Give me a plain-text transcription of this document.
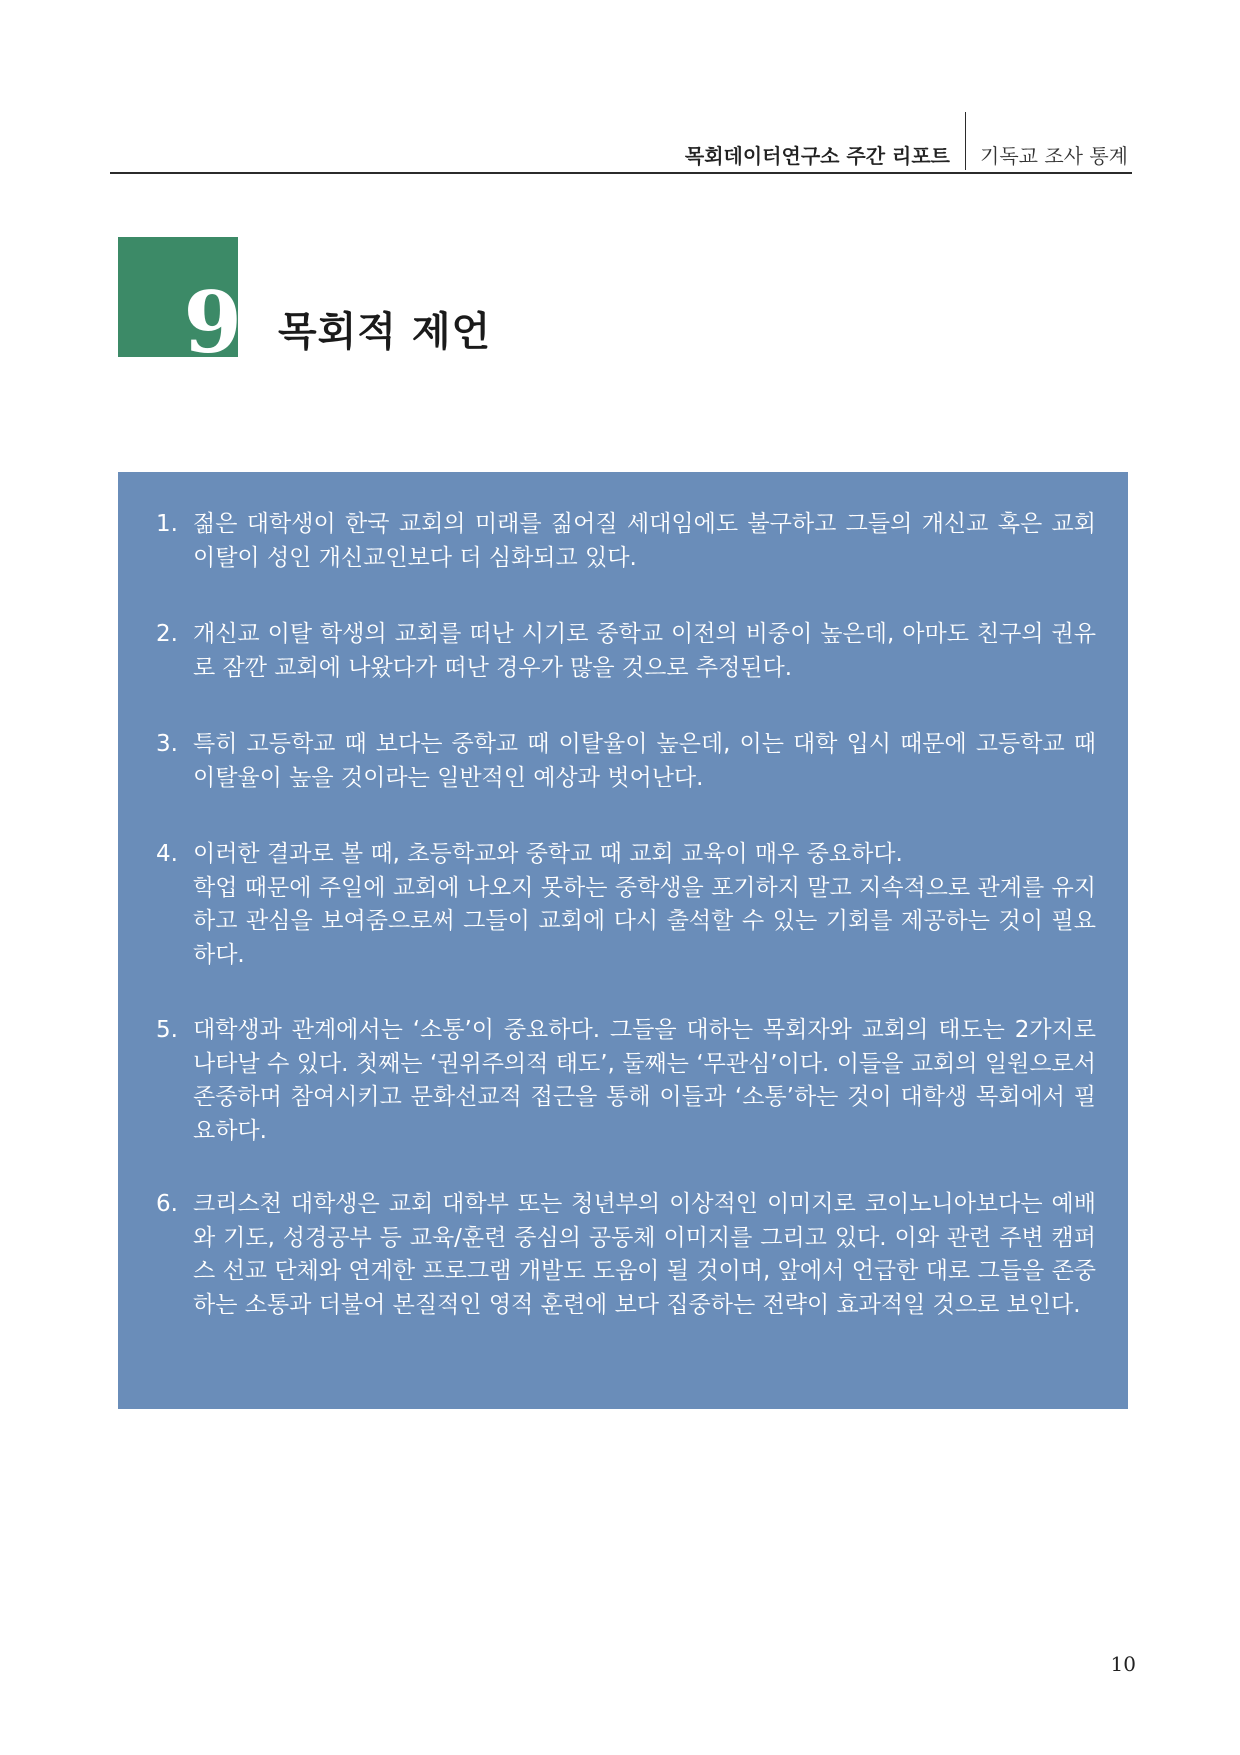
목회데이터연구소 주간 리포트 기독교 조사 통계
9 목회적 제언
1. 젊은 대학생이 한국 교회의 미래를 짊어질 세대임에도 불구하고 그들의 개신교 혹은 교회 이탈이 성인 개신교인보다 더 심화되고 있다.
2. 개신교 이탈 학생의 교회를 떠난 시기로 중학교 이전의 비중이 높은데, 아마도 친구의 권유로 잠깐 교회에 나왔다가 떠난 경우가 많을 것으로 추정된다.
3. 특히 고등학교 때 보다는 중학교 때 이탈율이 높은데, 이는 대학 입시 때문에 고등학교 때 이탈율이 높을 것이라는 일반적인 예상과 벗어난다.
4. 이러한 결과로 볼 때, 초등학교와 중학교 때 교회 교육이 매우 중요하다.
학업 때문에 주일에 교회에 나오지 못하는 중학생을 포기하지 말고 지속적으로 관계를 유지하고 관심을 보여줌으로써 그들이 교회에 다시 출석할 수 있는 기회를 제공하는 것이 필요하다.
5. 대학생과 관계에서는 ‘소통’이 중요하다. 그들을 대하는 목회자와 교회의 태도는 2가지로 나타날 수 있다. 첫째는 ‘권위주의적 태도’, 둘째는 ‘무관심’이다. 이들을 교회의 일원으로서 존중하며 참여시키고 문화선교적 접근을 통해 이들과 ‘소통’하는 것이 대학생 목회에서 필요하다.
6. 크리스천 대학생은 교회 대학부 또는 청년부의 이상적인 이미지로 코이노니아보다는 예배와 기도, 성경공부 등 교육/훈련 중심의 공동체 이미지를 그리고 있다. 이와 관련 주변 캠퍼스 선교 단체와 연계한 프로그램 개발도 도움이 될 것이며, 앞에서 언급한 대로 그들을 존중하는 소통과 더불어 본질적인 영적 훈련에 보다 집중하는 전략이 효과적일 것으로 보인다.
10
